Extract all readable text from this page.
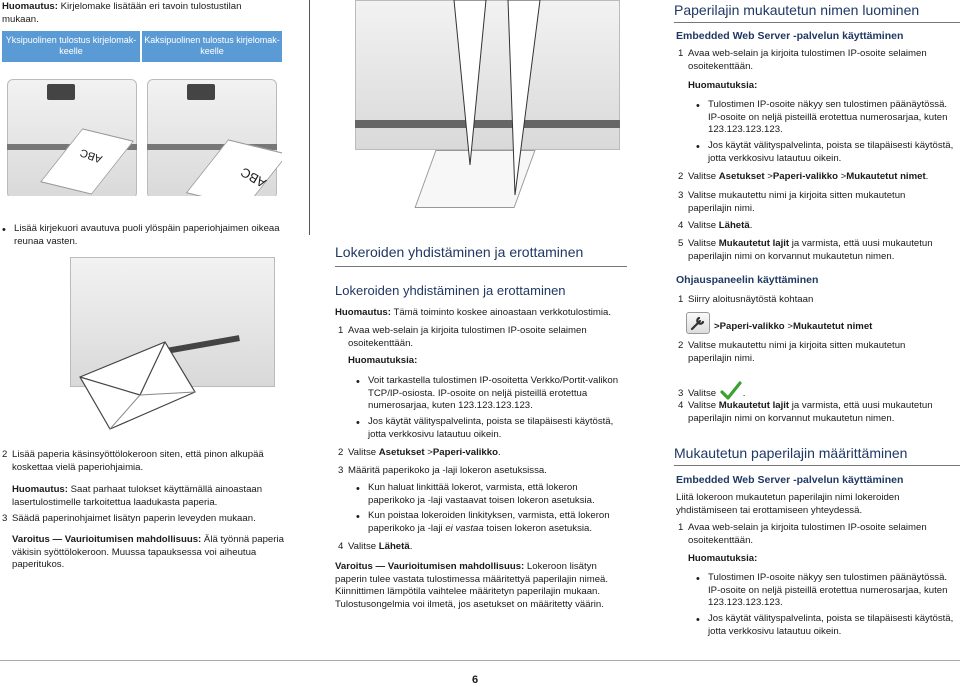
Huomautus: Kirjelomake lisätään eri tavoin tulostustilan mukaan.
Yksipuolinen tulostus kirjelomak-keelle
Kaksipuolinen tulostus kirjelomak-keelle
ABC
ABC
• Lisää kirjekuori avautuva puoli ylöspäin paperiohjaimen oikeaa reunaa vasten.
2 Lisää paperia käsinsyöttölokeroon siten, että pinon alkupää koskettaa vielä paperiohjaimia.
Huomautus: Saat parhaat tulokset käyttämällä ainoastaan lasertulostimelle tarkoitettua laadukasta paperia.
3 Säädä paperinohjaimet lisätyn paperin leveyden mukaan.
Varoitus — Vaurioitumisen mahdollisuus: Älä työnnä paperia väkisin syöttölokeroon. Muussa tapauksessa voi aiheutua paperitukos.
Lokeroiden yhdistäminen ja erottaminen
Lokeroiden yhdistäminen ja erottaminen
Huomautus: Tämä toiminto koskee ainoastaan verkkotulostimia.
1 Avaa web-selain ja kirjoita tulostimen IP-osoite selaimen osoitekenttään.
Huomautuksia:
• Voit tarkastella tulostimen IP-osoitetta Verkko/Portit-valikon TCP/IP-osiosta. IP-osoite on neljä pisteillä erotettua numerosarjaa, kuten 123.123.123.123.
• Jos käytät välityspalvelinta, poista se tilapäisesti käytöstä, jotta verkkosivu latautuu oikein.
2 Valitse Asetukset >Paperi-valikko.
3 Määritä paperikoko ja -laji lokeron asetuksissa.
• Kun haluat linkittää lokerot, varmista, että lokeron paperikoko ja -laji vastaavat toisen lokeron asetuksia.
• Kun poistaa lokeroiden linkityksen, varmista, että lokeron paperikoko ja -laji ei vastaa toisen lokeron asetuksia.
4 Valitse Lähetä.
Varoitus — Vaurioitumisen mahdollisuus: Lokeroon lisätyn paperin tulee vastata tulostimessa määritettyä paperilajin nimeä. Kiinnittimen lämpötila vaihtelee määritetyn paperilajin mukaan. Tulostusongelmia voi ilmetä, jos asetukset on määritetty väärin.
Paperilajin mukautetun nimen luominen
Embedded Web Server -palvelun käyttäminen
1 Avaa web-selain ja kirjoita tulostimen IP-osoite selaimen osoitekenttään.
Huomautuksia:
• Tulostimen IP-osoite näkyy sen tulostimen päänäytössä. IP-osoite on neljä pisteillä erotettua numerosarjaa, kuten 123.123.123.123.
• Jos käytät välityspalvelinta, poista se tilapäisesti käytöstä, jotta verkkosivu latautuu oikein.
2 Valitse Asetukset >Paperi-valikko >Mukautetut nimet.
3 Valitse mukautettu nimi ja kirjoita sitten mukautetun paperilajin nimi.
4 Valitse Lähetä.
5 Valitse Mukautetut lajit ja varmista, että uusi mukautetun paperilajin nimi on korvannut mukautetun nimen.
Ohjauspaneelin käyttäminen
1 Siirry aloitusnäytöstä kohtaan
>Paperi-valikko >Mukautetut nimet
2 Valitse mukautettu nimi ja kirjoita sitten mukautetun paperilajin nimi.
3 Valitse	.
4 Valitse Mukautetut lajit ja varmista, että uusi mukautetun paperilajin nimi on korvannut mukautetun nimen.
Mukautetun paperilajin määrittäminen
Embedded Web Server -palvelun käyttäminen
Liitä lokeroon mukautetun paperilajin nimi lokeroiden yhdistämiseen tai erottamiseen yhteydessä.
1 Avaa web-selain ja kirjoita tulostimen IP-osoite selaimen osoitekenttään.
Huomautuksia:
• Tulostimen IP-osoite näkyy sen tulostimen päänäytössä. IP-osoite on neljä pisteillä erotettua numerosarjaa, kuten 123.123.123.123.
• Jos käytät välityspalvelinta, poista se tilapäisesti käytöstä, jotta verkkosivu latautuu oikein.
6
